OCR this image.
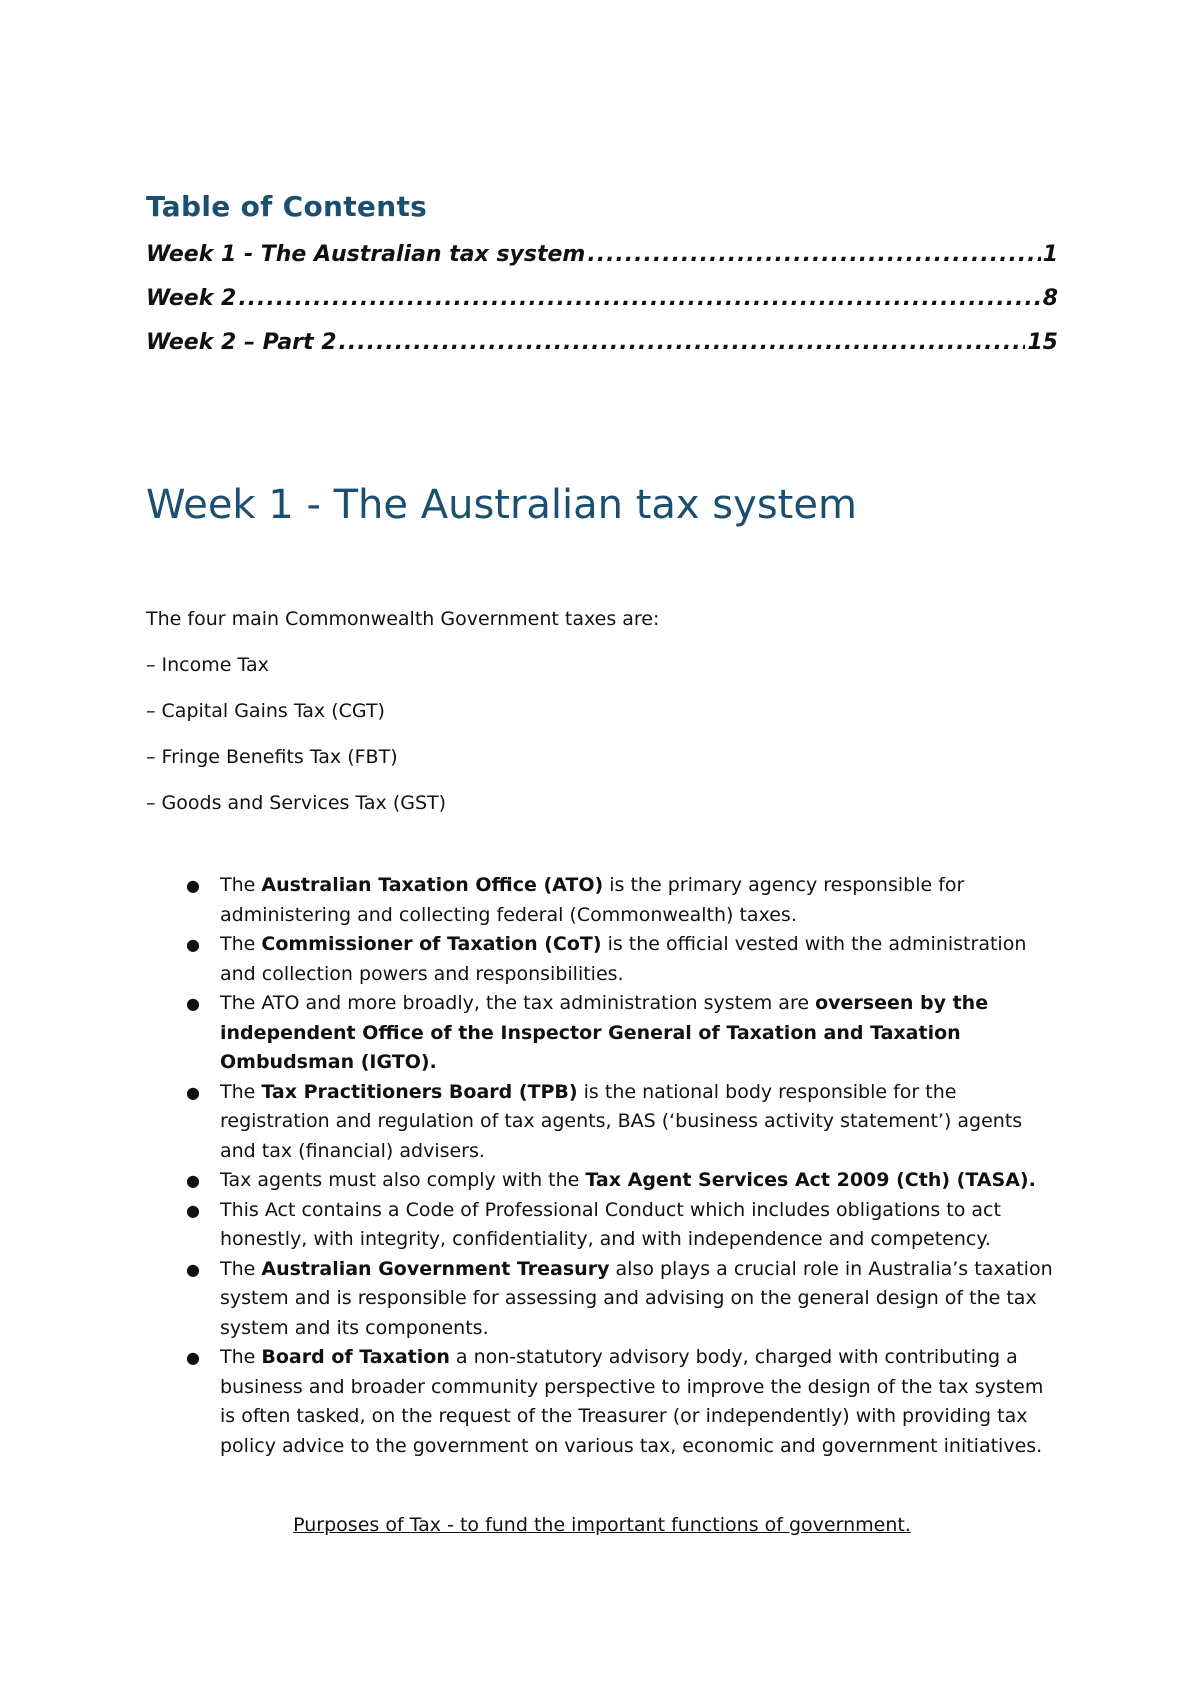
Table of Contents
Week 1 - The Australian tax system .....	1
Week 2 .....	8
Week 2 – Part 2 .....	15
Week 1 - The Australian tax system

The four main Commonwealth Government taxes are:

– Income Tax

– Capital Gains Tax (CGT)

– Fringe Benefits Tax (FBT)

– Goods and Services Tax (GST)

● The Australian Taxation Office (ATO) is the primary agency responsible for administering and collecting federal (Commonwealth) taxes.
● The Commissioner of Taxation (CoT) is the official vested with the administration and collection powers and responsibilities.
● The ATO and more broadly, the tax administration system are overseen by the independent Office of the Inspector General of Taxation and Taxation Ombudsman (IGTO).
● The Tax Practitioners Board (TPB) is the national body responsible for the registration and regulation of tax agents, BAS (‘business activity statement’) agents and tax (financial) advisers.
● Tax agents must also comply with the Tax Agent Services Act 2009 (Cth) (TASA).
● This Act contains a Code of Professional Conduct which includes obligations to act honestly, with integrity, confidentiality, and with independence and competency.
● The Australian Government Treasury also plays a crucial role in Australia’s taxation system and is responsible for assessing and advising on the general design of the tax system and its components.
● The Board of Taxation a non-statutory advisory body, charged with contributing a business and broader community perspective to improve the design of the tax system is often tasked, on the request of the Treasurer (or independently) with providing tax policy advice to the government on various tax, economic and government initiatives.

Purposes of Tax - to fund the important functions of government.
